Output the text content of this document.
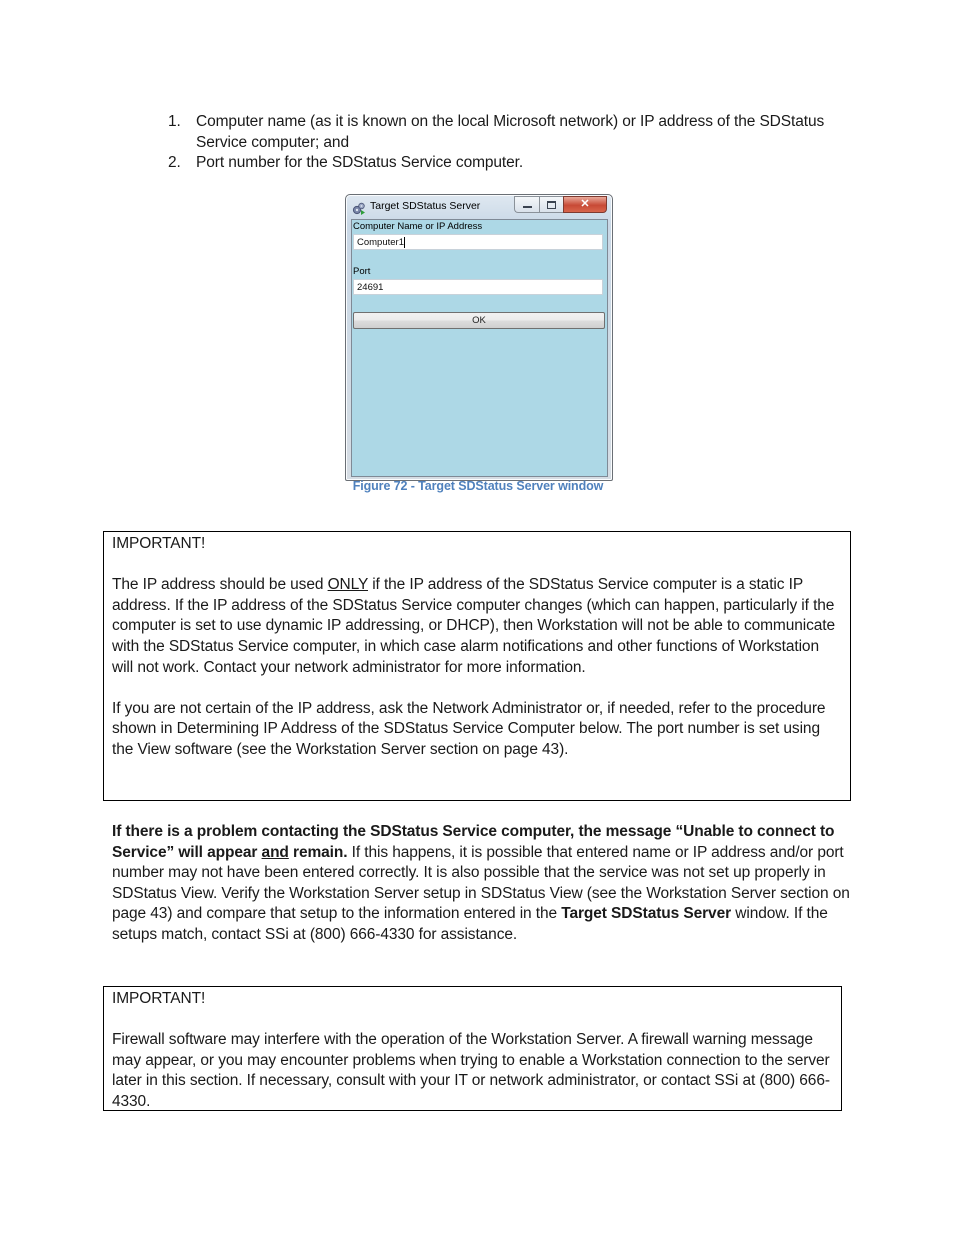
1. Computer name (as it is known on the local Microsoft network) or IP address of the SDStatus Service computer; and
2. Port number for the SDStatus Service computer.
Target SDStatus Server	✕
Computer Name or IP Address
Computer1
Port
24691
OK
Figure 72 - Target SDStatus Server window

IMPORTANT!

The IP address should be used ONLY if the IP address of the SDStatus Service computer is a static IP address. If the IP address of the SDStatus Service computer changes (which can happen, particularly if the computer is set to use dynamic IP addressing, or DHCP), then Workstation will not be able to communicate with the SDStatus Service computer, in which case alarm notifications and other functions of Workstation will not work. Contact your network administrator for more information.

If you are not certain of the IP address, ask the Network Administrator or, if needed, refer to the procedure shown in Determining IP Address of the SDStatus Service Computer below. The port number is set using the View software (see the Workstation Server section on page 43).

If there is a problem contacting the SDStatus Service computer, the message “Unable to connect to Service” will appear and remain. If this happens, it is possible that entered name or IP address and/or port number may not have been entered correctly. It is also possible that the service was not set up properly in SDStatus View. Verify the Workstation Server setup in SDStatus View (see the Workstation Server section on page 43) and compare that setup to the information entered in the Target SDStatus Server window. If the setups match, contact SSi at (800) 666-4330 for assistance.

IMPORTANT!

Firewall software may interfere with the operation of the Workstation Server. A firewall warning message may appear, or you may encounter problems when trying to enable a Workstation connection to the server later in this section. If necessary, consult with your IT or network administrator, or contact SSi at (800) 666-4330.
